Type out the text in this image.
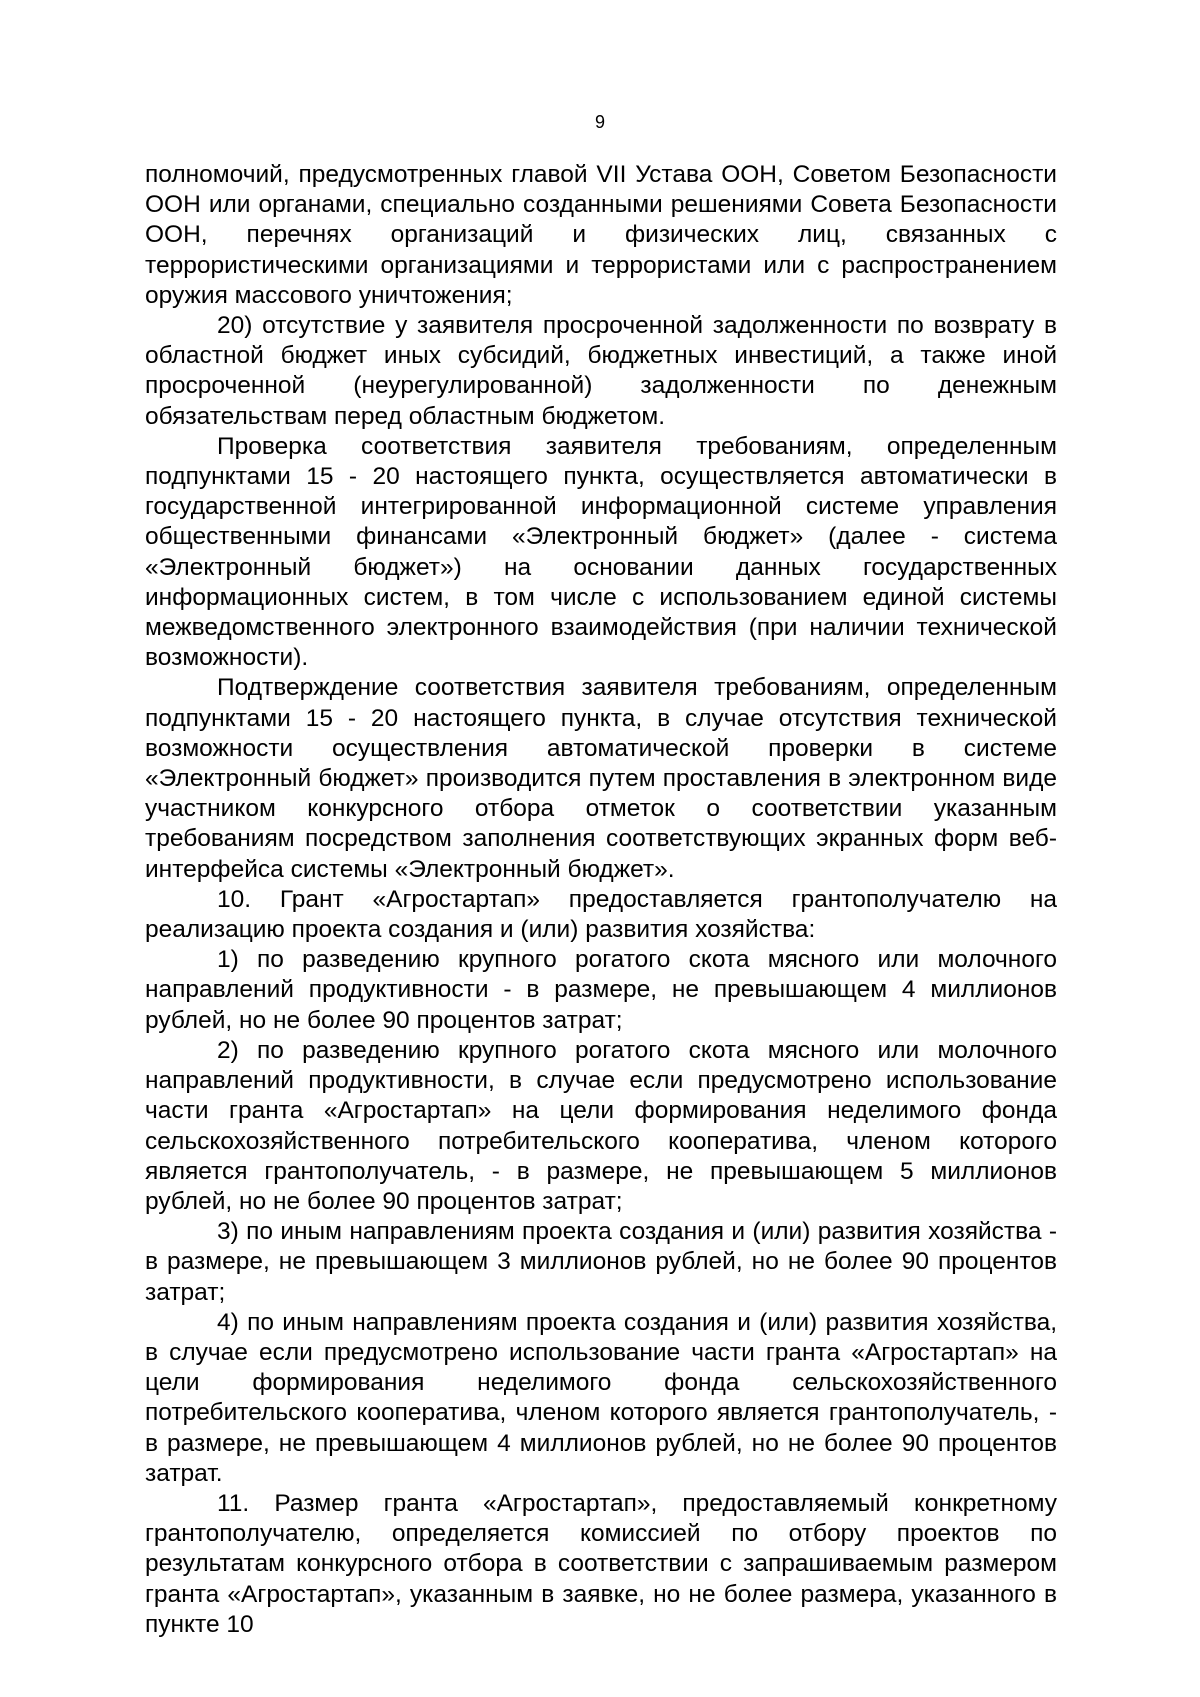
9

полномочий, предусмотренных главой VII Устава ООН, Советом Безопасности ООН или органами, специально созданными решениями Совета Безопасности ООН, перечнях организаций и физических лиц, связанных с террористическими организациями и террористами или с распространением оружия массового уничтожения;

20) отсутствие у заявителя просроченной задолженности по возврату в областной бюджет иных субсидий, бюджетных инвестиций, а также иной просроченной (неурегулированной) задолженности по денежным обязательствам перед областным бюджетом.

Проверка соответствия заявителя требованиям, определенным подпунктами 15 - 20 настоящего пункта, осуществляется автоматически в государственной интегрированной информационной системе управления общественными финансами «Электронный бюджет» (далее - система «Электронный бюджет») на основании данных государственных информационных систем, в том числе с использованием единой системы межведомственного электронного взаимодействия (при наличии технической возможности).

Подтверждение соответствия заявителя требованиям, определенным подпунктами 15 - 20 настоящего пункта, в случае отсутствия технической возможности осуществления автоматической проверки в системе «Электронный бюджет» производится путем проставления в электронном виде участником конкурсного отбора отметок о соответствии указанным требованиям посредством заполнения соответствующих экранных форм веб-интерфейса системы «Электронный бюджет».

10. Грант «Агростартап» предоставляется грантополучателю на реализацию проекта создания и (или) развития хозяйства:

1) по разведению крупного рогатого скота мясного или молочного направлений продуктивности - в размере, не превышающем 4 миллионов рублей, но не более 90 процентов затрат;

2) по разведению крупного рогатого скота мясного или молочного направлений продуктивности, в случае если предусмотрено использование части гранта «Агростартап» на цели формирования неделимого фонда сельскохозяйственного потребительского кооператива, членом которого является грантополучатель, - в размере, не превышающем 5 миллионов рублей, но не более 90 процентов затрат;

3) по иным направлениям проекта создания и (или) развития хозяйства - в размере, не превышающем 3 миллионов рублей, но не более 90 процентов затрат;

4) по иным направлениям проекта создания и (или) развития хозяйства, в случае если предусмотрено использование части гранта «Агростартап» на цели формирования неделимого фонда сельскохозяйственного потребительского кооператива, членом которого является грантополучатель, - в размере, не превышающем 4 миллионов рублей, но не более 90 процентов затрат.

11. Размер гранта «Агростартап», предоставляемый конкретному грантополучателю, определяется комиссией по отбору проектов по результатам конкурсного отбора в соответствии с запрашиваемым размером гранта «Агростартап», указанным в заявке, но не более размера, указанного в пункте 10
